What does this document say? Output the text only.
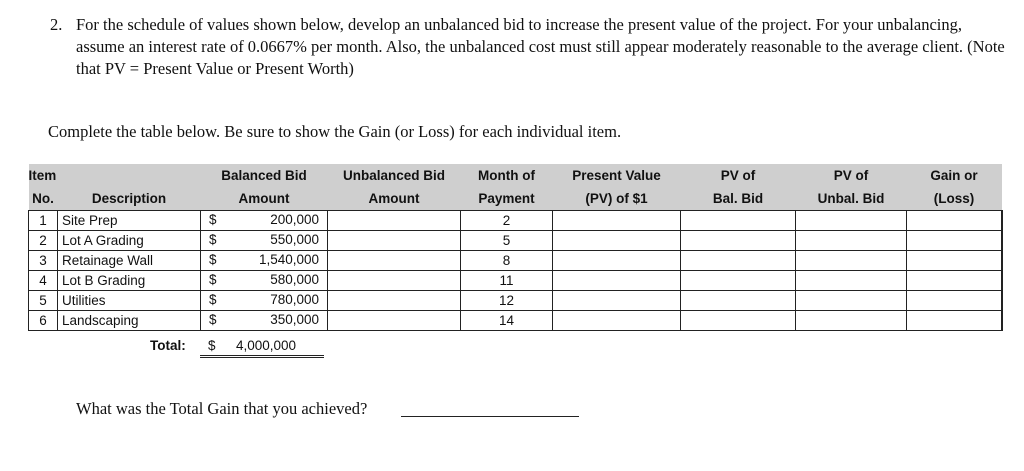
2. For the schedule of values shown below, develop an unbalanced bid to increase the present value of the project. For your unbalancing, assume an interest rate of 0.0667% per month. Also, the unbalanced cost must still appear moderately reasonable to the average client. (Note that PV = Present Value or Present Worth)
Complete the table below. Be sure to show the Gain (or Loss) for each individual item.
Item		Balanced Bid	Unbalanced Bid	Month of	Present Value	PV of	PV of	Gain or
No.	Description	Amount	Amount	Payment	(PV) of $1	Bal. Bid	Unbal. Bid	(Loss)
1	Site Prep	$ 200,000		2				
2	Lot A Grading	$ 550,000		5				
3	Retainage Wall	$ 1,540,000		8				
4	Lot B Grading	$ 580,000		11				
5	Utilities	$ 780,000		12				
6	Landscaping	$ 350,000		14				
Total: $ 4,000,000
What was the Total Gain that you achieved?
